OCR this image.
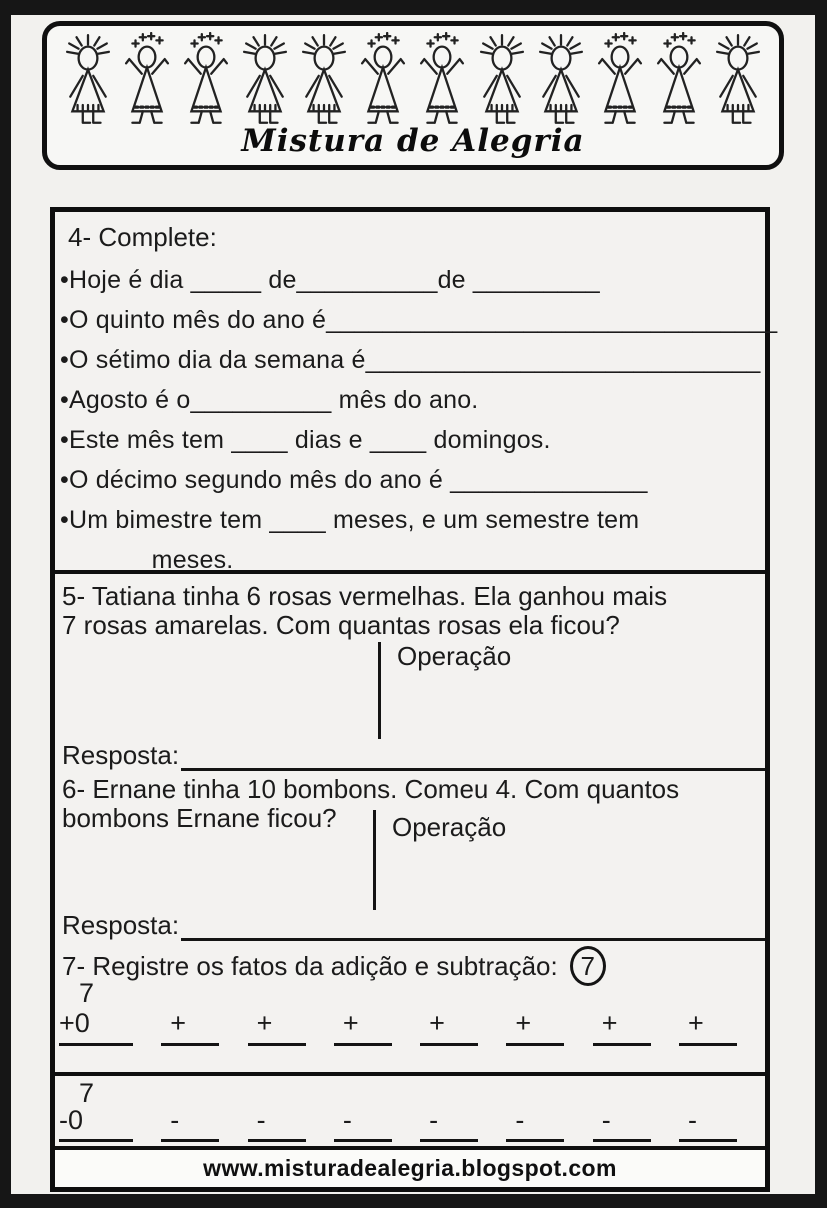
Mistura de Alegria
4- Complete:
•Hoje é dia _____ de__________de _________
•O quinto mês do ano é________________________________
•O sétimo dia da semana é____________________________
•Agosto é o__________ mês do ano.
•Este mês tem ____ dias e ____ domingos.
•O décimo segundo mês do ano é ______________
•Um bimestre tem ____ meses, e um semestre tem
_____ meses.
5- Tatiana tinha 6 rosas vermelhas. Ela ganhou mais
7 rosas amarelas. Com quantas rosas ela ficou?
Operação
Resposta:
6- Ernane tinha 10 bombons. Comeu 4. Com quantos
bombons Ernane ficou?	Operação
Resposta:
7- Registre os fatos da adição e subtração: 7
7
+0	+	+	+	+	+	+	+
7
-0	-	-	-	-	-	-	-
www.misturadealegria.blogspot.com
